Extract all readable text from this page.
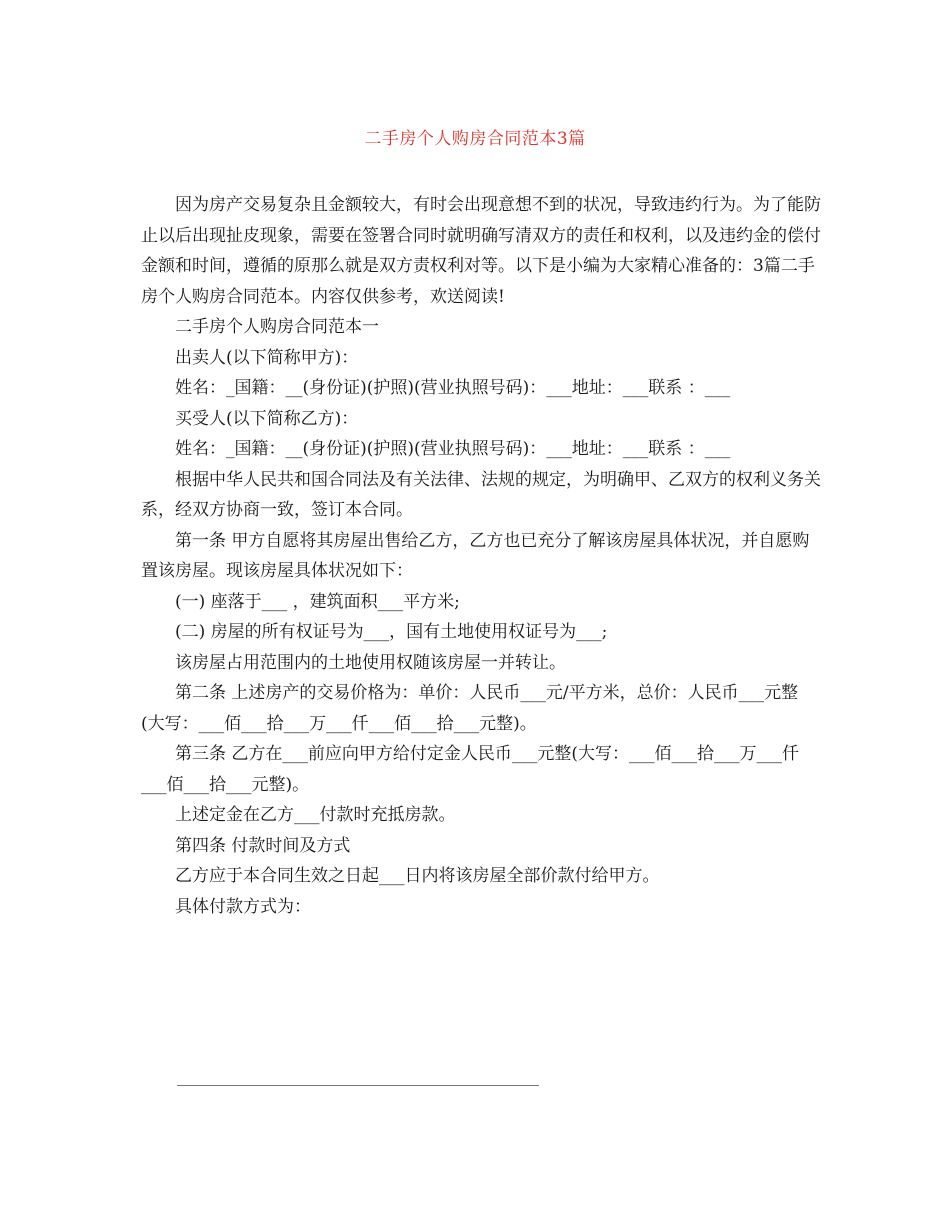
二手房个人购房合同范本3篇

因为房产交易复杂且金额较大，有时会出现意想不到的状况，导致违约行为。为了能防止以后出现扯皮现象，需要在签署合同时就明确写清双方的责任和权利，以及违约金的偿付金额和时间，遵循的原那么就是双方责权利对等。以下是小编为大家精心准备的：3篇二手房个人购房合同范本。内容仅供参考，欢送阅读!

二手房个人购房合同范本一

出卖人(以下简称甲方)：

姓名：_国籍：__(身份证)(护照)(营业执照号码)：___地址：___联系 ：___

买受人(以下简称乙方)：

姓名：_国籍：__(身份证)(护照)(营业执照号码)：___地址：___联系 ：___

根据中华人民共和国合同法及有关法律、法规的规定，为明确甲、乙双方的权利义务关系，经双方协商一致，签订本合同。

第一条 甲方自愿将其房屋出售给乙方，乙方也已充分了解该房屋具体状况，并自愿购置该房屋。现该房屋具体状况如下：

(一) 座落于___ ，建筑面积___平方米;

(二) 房屋的所有权证号为___，国有土地使用权证号为___;

该房屋占用范围内的土地使用权随该房屋一并转让。

第二条 上述房产的交易价格为：单价：人民币___元/平方米，总价：人民币___元整(大写：___佰___拾___万___仟___佰___拾___元整)。

第三条 乙方在___前应向甲方给付定金人民币___元整(大写：___佰___拾___万___仟___佰___拾___元整)。

上述定金在乙方___付款时充抵房款。

第四条 付款时间及方式

乙方应于本合同生效之日起___日内将该房屋全部价款付给甲方。

具体付款方式为：
